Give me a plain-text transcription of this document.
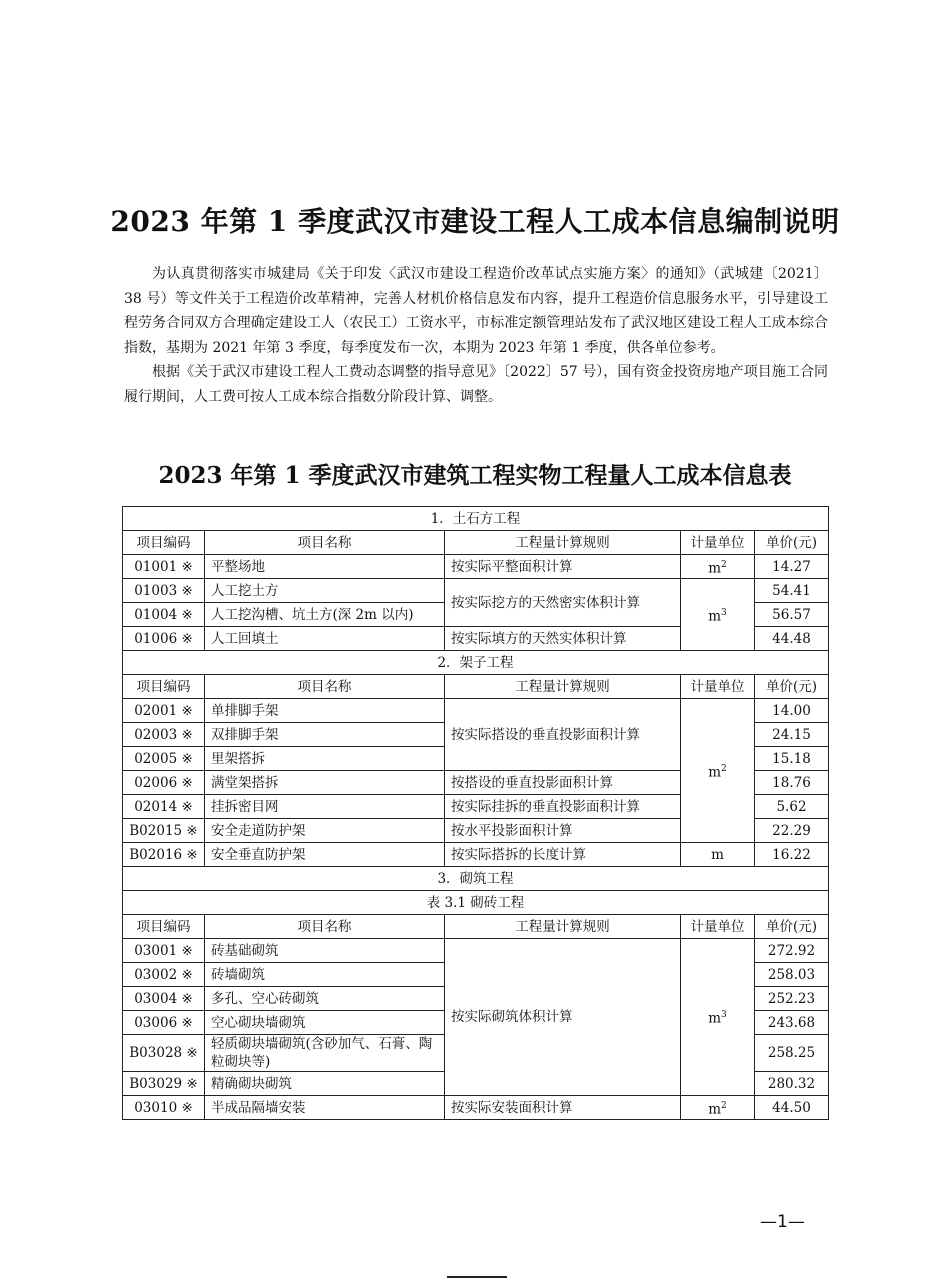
2023 年第 1 季度武汉市建设工程人工成本信息编制说明

为认真贯彻落实市城建局《关于印发〈武汉市建设工程造价改革试点实施方案〉的通知》（武城建〔2021〕38 号）等文件关于工程造价改革精神，完善人材机价格信息发布内容，提升工程造价信息服务水平，引导建设工程劳务合同双方合理确定建设工人（农民工）工资水平，市标准定额管理站发布了武汉地区建设工程人工成本综合指数，基期为 2021 年第 3 季度，每季度发布一次，本期为 2023 年第 1 季度，供各单位参考。

根据《关于武汉市建设工程人工费动态调整的指导意见》〔2022〕57 号），国有资金投资房地产项目施工合同履行期间，人工费可按人工成本综合指数分阶段计算、调整。

2023 年第 1 季度武汉市建筑工程实物工程量人工成本信息表
1．土石方工程				
项目编码	项目名称	工程量计算规则	计量单位	单价(元)
01001 ※	平整场地	按实际平整面积计算	$m^2$	14.27
01003 ※	人工挖土方	按实际挖方的天然密实体积计算	$m^3$	54.41
01004 ※	人工挖沟槽、坑土方(深 2m 以内)			56.57
01006 ※	人工回填土	按实际填方的天然实体积计算		44.48
2．架子工程				
项目编码	项目名称	工程量计算规则	计量单位	单价(元)
02001 ※	单排脚手架	按实际搭设的垂直投影面积计算	$m^2$	14.00
02003 ※	双排脚手架			24.15
02005 ※	里架搭拆			15.18
02006 ※	满堂架搭拆	按搭设的垂直投影面积计算		18.76
02014 ※	挂拆密目网	按实际挂拆的垂直投影面积计算		5.62
B02015 ※	安全走道防护架	按水平投影面积计算		22.29
B02016 ※	安全垂直防护架	按实际搭拆的长度计算	m	16.22
3．砌筑工程				
表 3.1 砌砖工程				
项目编码	项目名称	工程量计算规则	计量单位	单价(元)
03001 ※	砖基础砌筑	按实际砌筑体积计算	$m^3$	272.92
03002 ※	砖墙砌筑			258.03
03004 ※	多孔、空心砖砌筑			252.23
03006 ※	空心砌块墙砌筑			243.68
B03028 ※	轻质砌块墙砌筑(含砂加气、石膏、陶粒砌块等)			258.25
B03029 ※	精确砌块砌筑			280.32
03010 ※	半成品隔墙安装	按实际安装面积计算	$m^2$	44.50
—1—
